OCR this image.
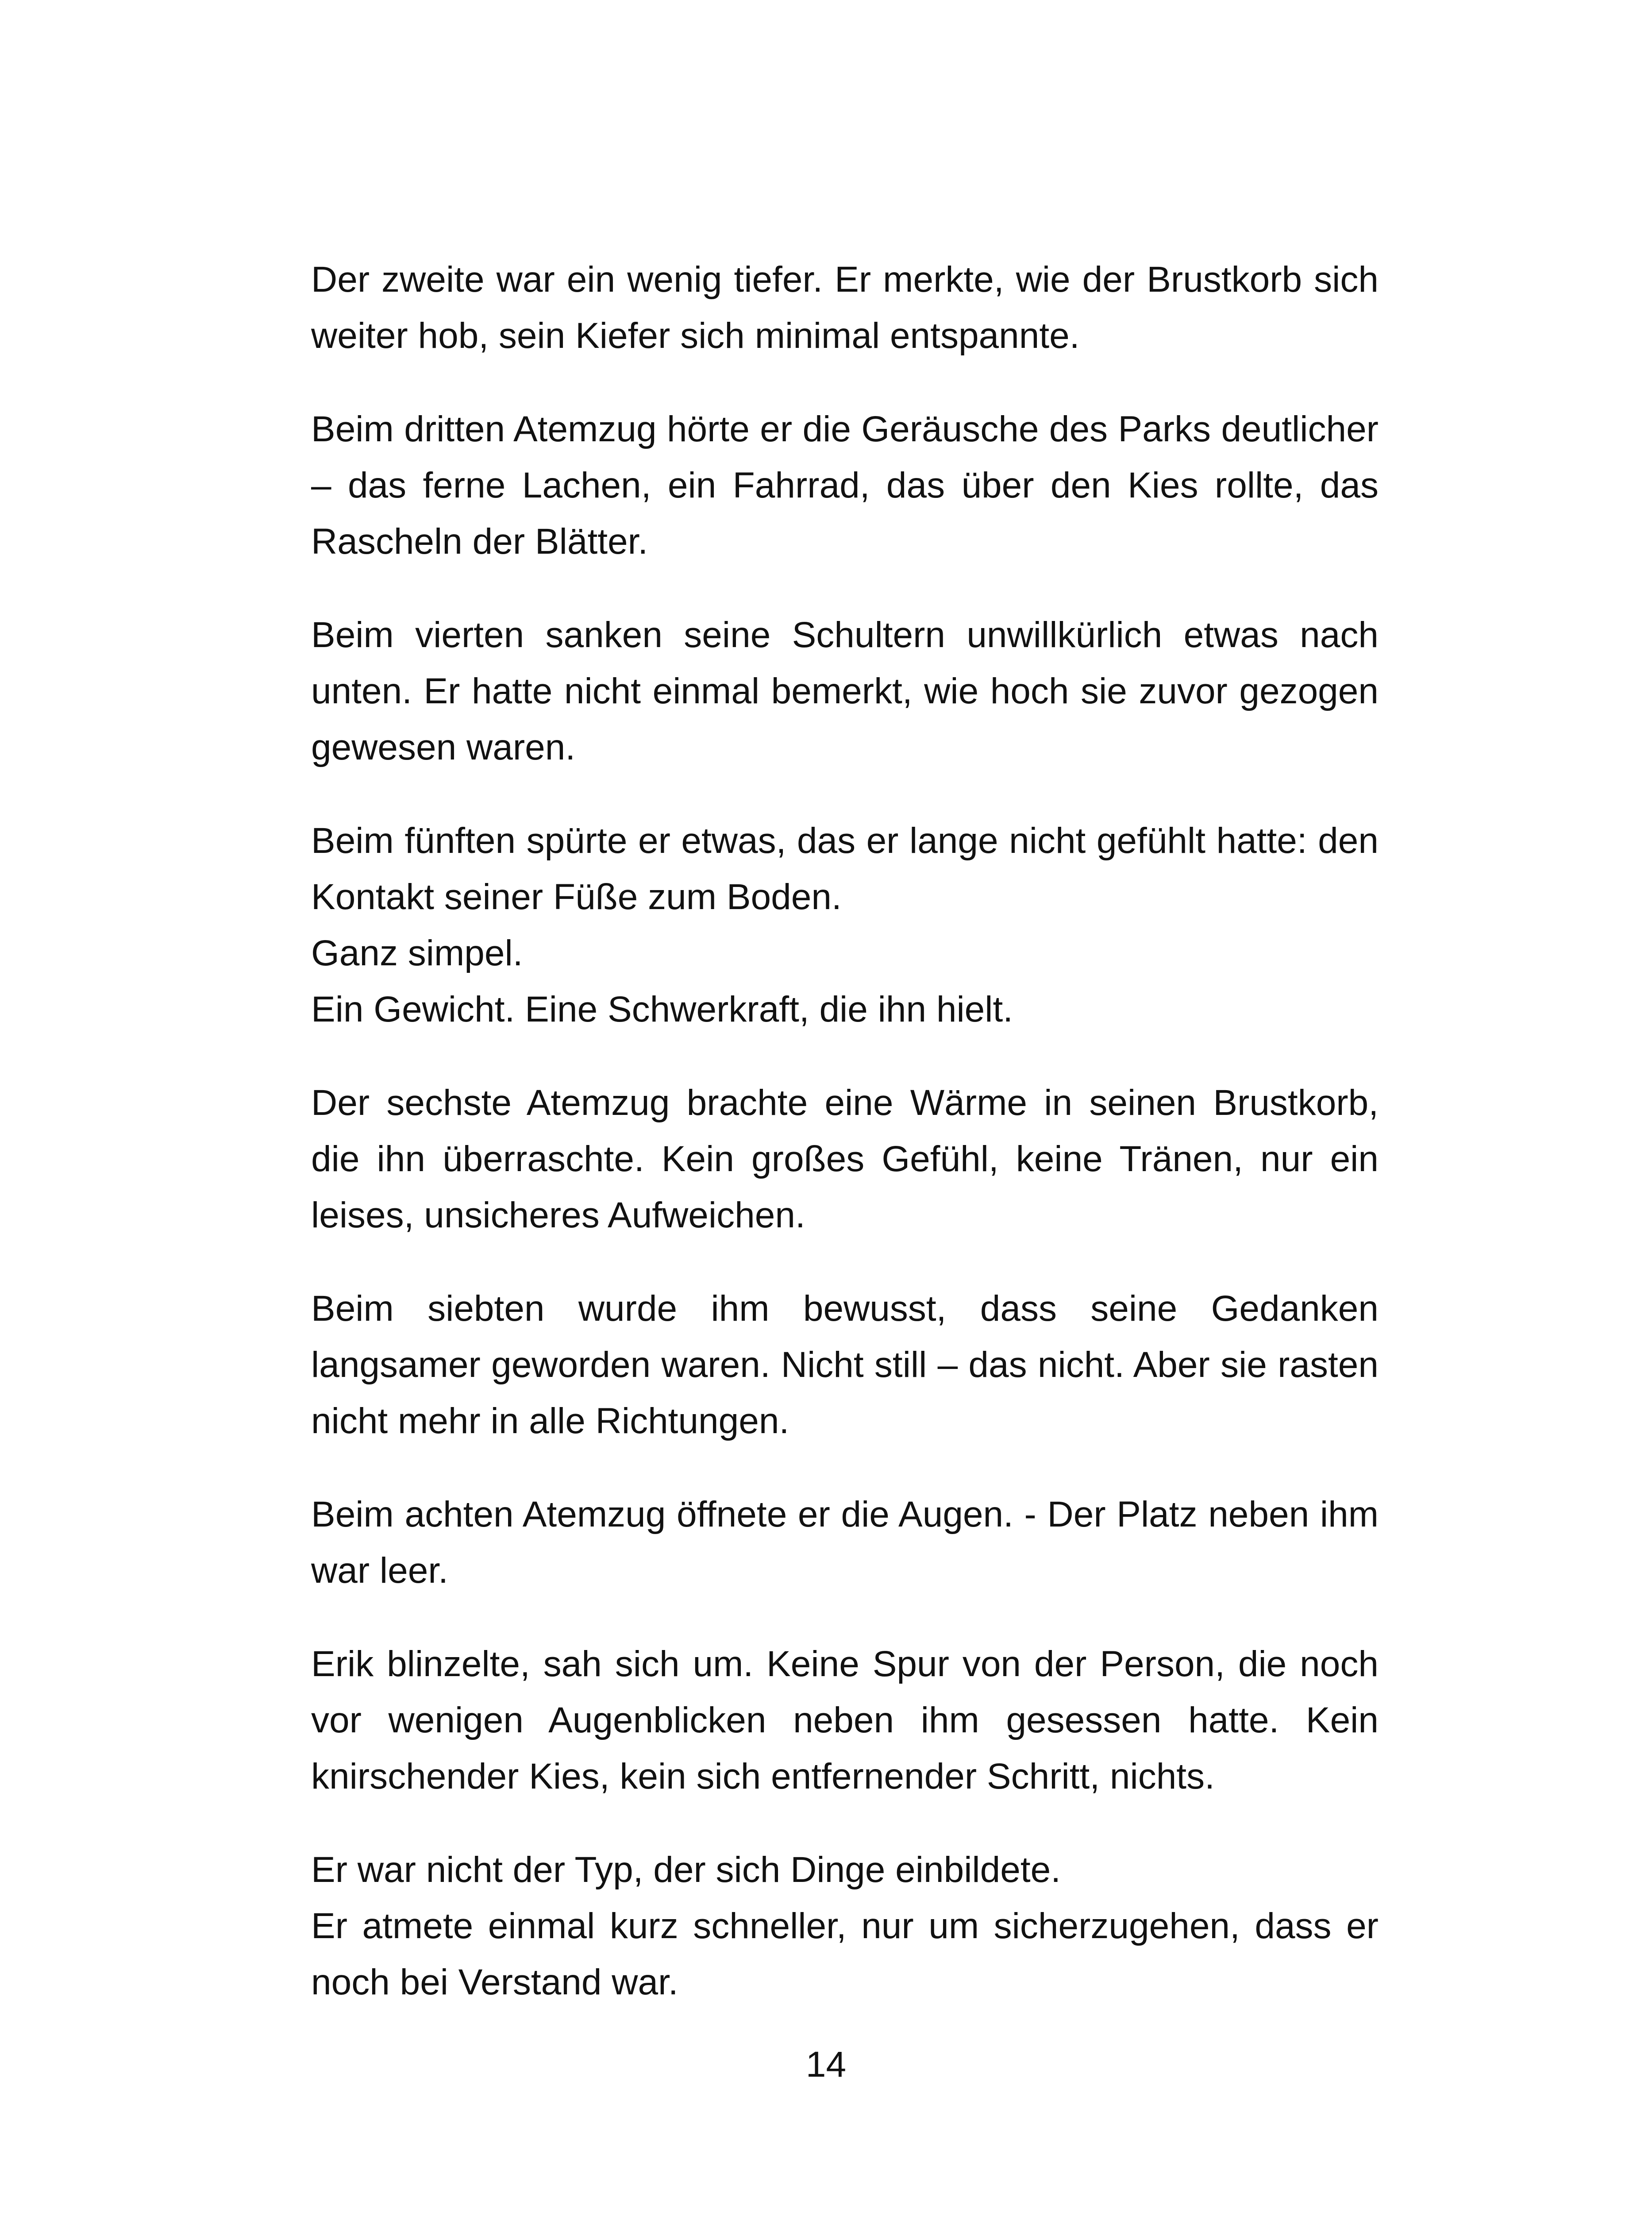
Der zweite war ein wenig tiefer. Er merkte, wie der Brustkorb sich weiter hob, sein Kiefer sich minimal entspannte.

Beim dritten Atemzug hörte er die Geräusche des Parks deutlicher – das ferne Lachen, ein Fahrrad, das über den Kies rollte, das Rascheln der Blätter.

Beim vierten sanken seine Schultern unwillkürlich etwas nach unten. Er hatte nicht einmal bemerkt, wie hoch sie zuvor gezogen gewesen waren.

Beim fünften spürte er etwas, das er lange nicht gefühlt hatte: den Kontakt seiner Füße zum Boden.
Ganz simpel.
Ein Gewicht. Eine Schwerkraft, die ihn hielt.

Der sechste Atemzug brachte eine Wärme in seinen Brustkorb, die ihn überraschte. Kein großes Gefühl, keine Tränen, nur ein leises, unsicheres Aufweichen.

Beim siebten wurde ihm bewusst, dass seine Gedanken langsamer geworden waren. Nicht still – das nicht. Aber sie rasten nicht mehr in alle Richtungen.

Beim achten Atemzug öffnete er die Augen. - Der Platz neben ihm war leer.

Erik blinzelte, sah sich um. Keine Spur von der Person, die noch vor wenigen Augenblicken neben ihm gesessen hatte. Kein knirschender Kies, kein sich entfernender Schritt, nichts.

Er war nicht der Typ, der sich Dinge einbildete.
Er atmete einmal kurz schneller, nur um sicherzugehen, dass er noch bei Verstand war.

14
